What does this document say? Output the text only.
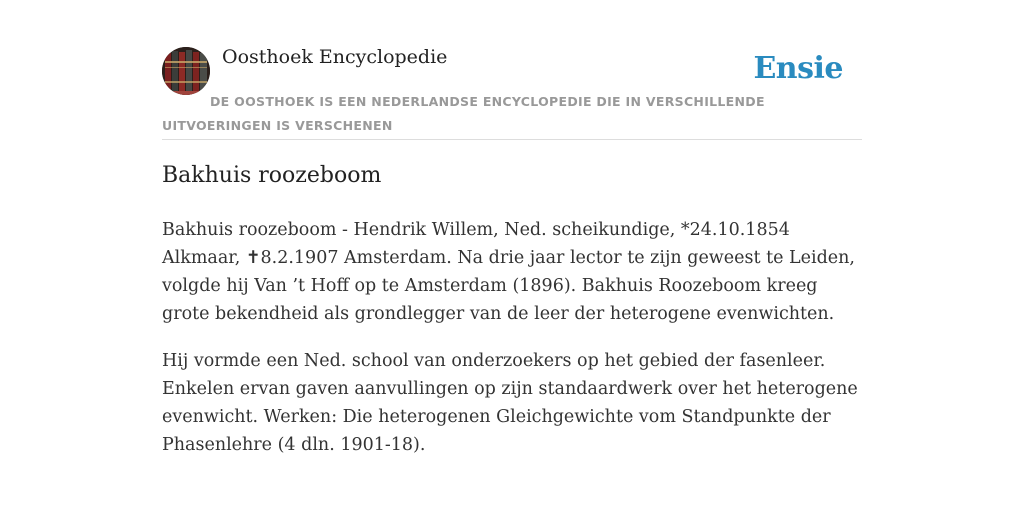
Oosthoek Encyclopedie	Ensie
DE OOSTHOEK IS EEN NEDERLANDSE ENCYCLOPEDIE DIE IN VERSCHILLENDE UITVOERINGEN IS VERSCHENEN
Bakhuis roozeboom

Bakhuis roozeboom - Hendrik Willem, Ned. scheikundige, *24.10.1854 Alkmaar, ✝8.2.1907 Amsterdam. Na drie jaar lector te zijn geweest te Leiden, volgde hij Van ’t Hoff op te Amsterdam (1896). Bakhuis Roozeboom kreeg grote bekendheid als grondlegger van de leer der heterogene evenwichten.

Hij vormde een Ned. school van onderzoekers op het gebied der fasenleer. Enkelen ervan gaven aanvullingen op zijn standaardwerk over het heterogene evenwicht. Werken: Die heterogenen Gleichgewichte vom Standpunkte der Phasenlehre (4 dln. 1901-18).
